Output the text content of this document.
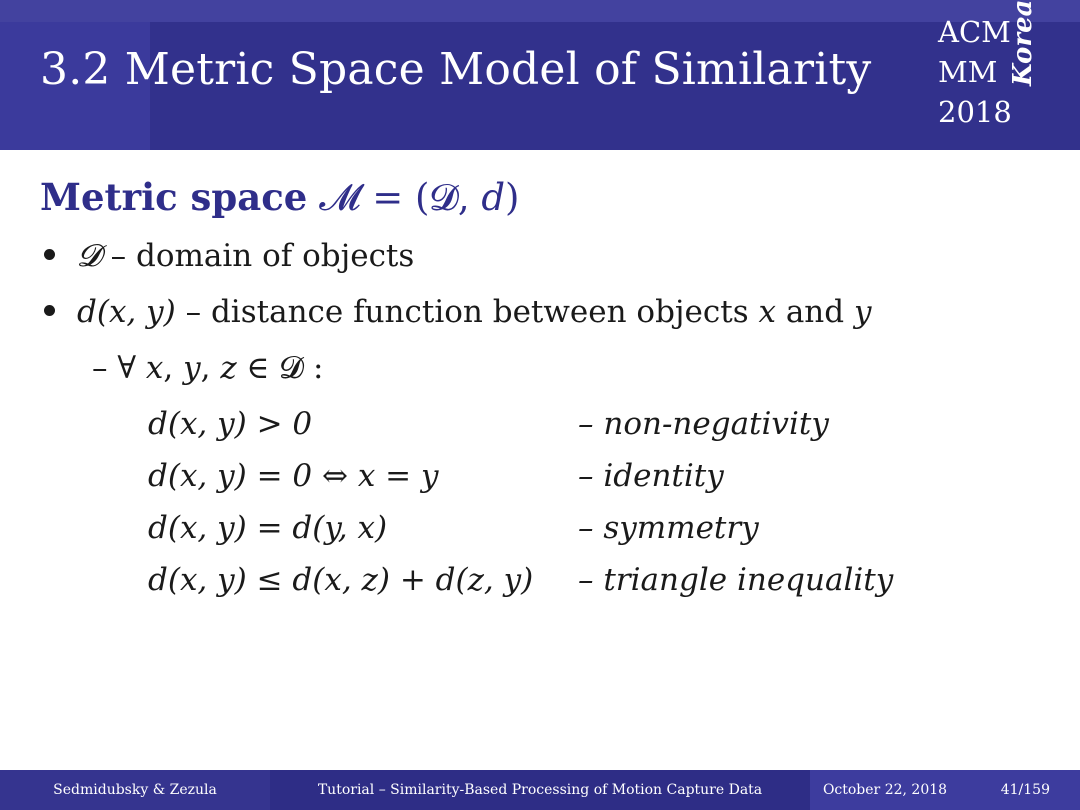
3.2 Metric Space Model of Similarity
ACM
MM
2018
Korea
Metric space 𝓜 = (𝓓, 𝑑)
𝓓 – domain of objects
d(x, y) – distance function between objects x and y
– ∀ 𝑥, 𝑦, 𝑧 ∈ 𝓓 :
d(x, y) > 0	– non-negativity
d(x, y) = 0 ⇔ x = y	– identity
d(x, y) = d(y, x)	– symmetry
d(x, y) ≤ d(x, z) + d(z, y) – triangle inequality
Sedmidubsky & Zezula	Tutorial – Similarity-Based Processing of Motion Capture Data	October 22, 2018	41/159
